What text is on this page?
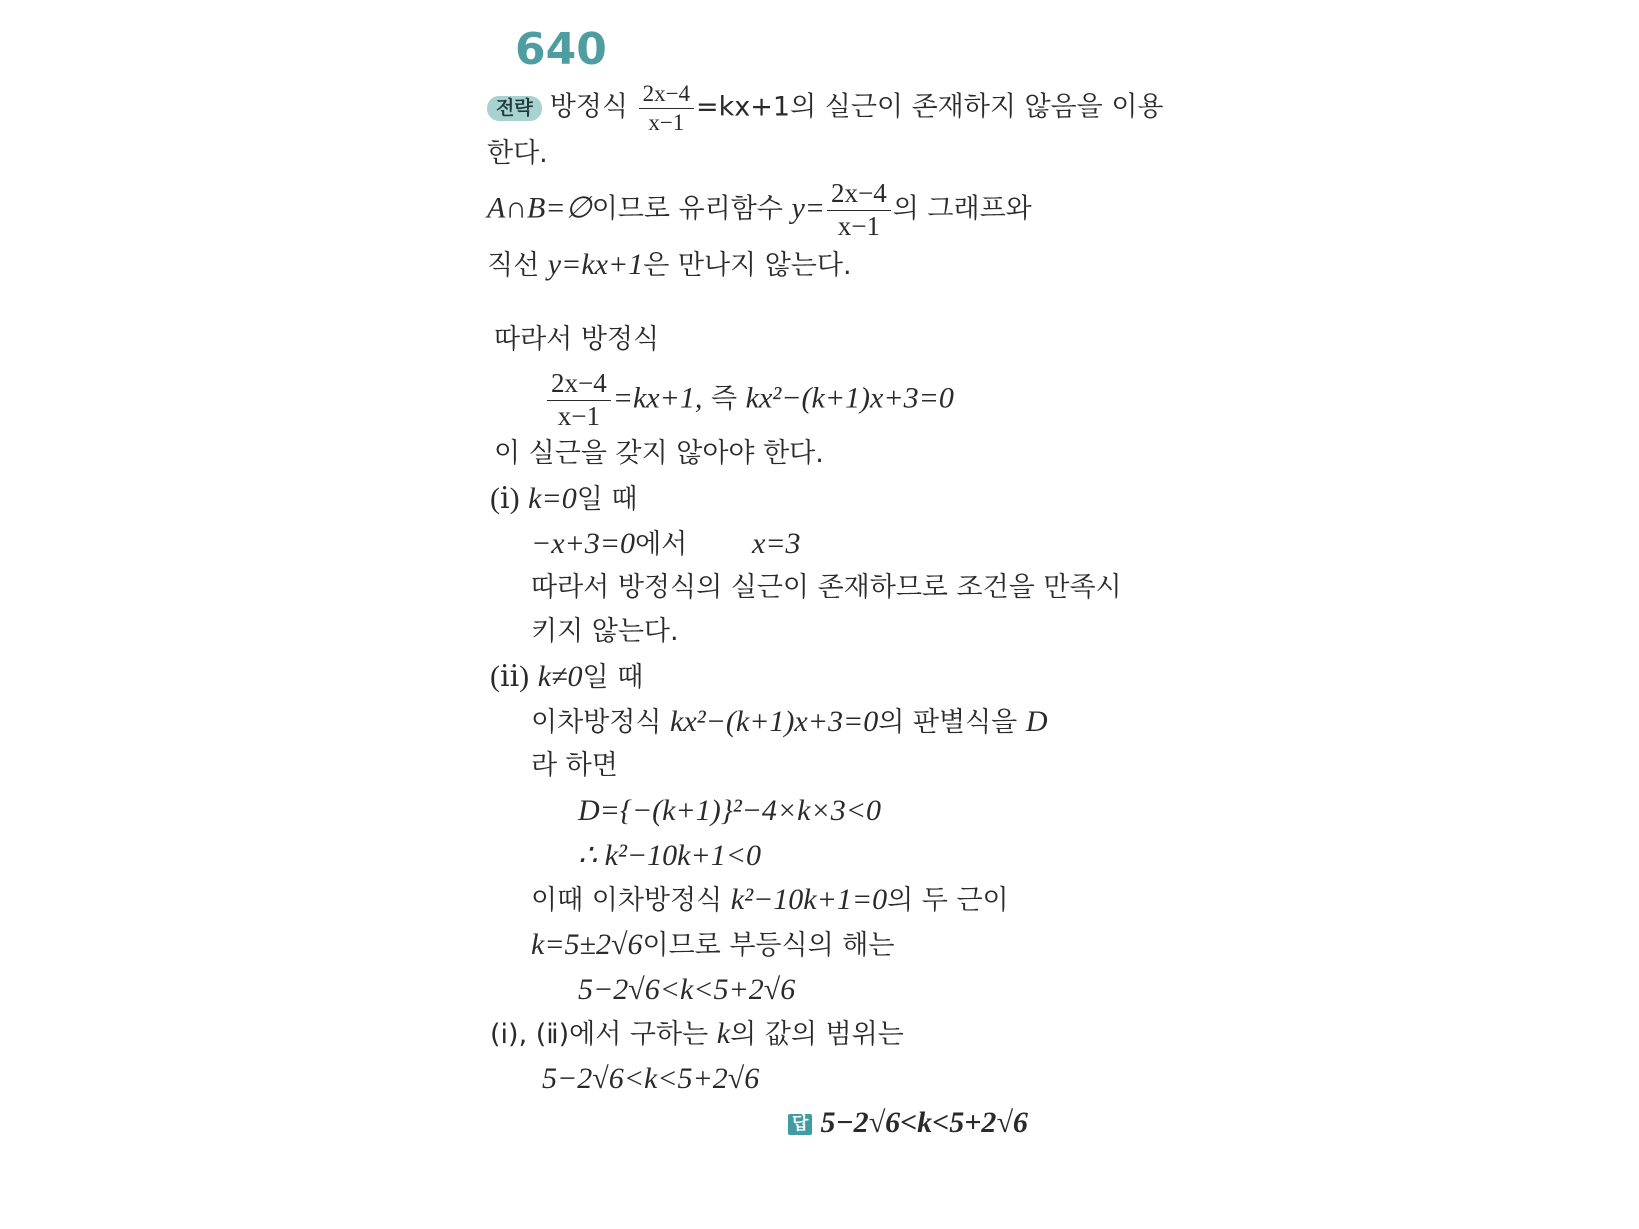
640
전략 방정식 $\frac{2x-4}{x-1} =kx+1$의 실근이 존재하지 않음을 이용
한다.
A∩B=∅이므로 유리함수 $y= \frac{2x-4}{x-1}$ 의 그래프와
직선 y=kx+1은 만나지 않는다.
따라서 방정식
$\frac{2x-4}{x-1} =kx+1$, 즉 kx²−(k+1)x+3=0
이 실근을 갖지 않아야 한다.
(ⅰ) k=0일 때
−x+3=0에서 x=3
따라서 방정식의 실근이 존재하므로 조건을 만족시
키지 않는다.
(ⅱ) k≠0일 때
이차방정식 kx²−(k+1)x+3=0의 판별식을 D
라 하면
D={−(k+1)}²−4×k×3<0
∴ k²−10k+1<0
이때 이차방정식 k²−10k+1=0의 두 근이
k=5±2√6이므로 부등식의 해는
5−2√6<k<5+2√6
(ⅰ), (ⅱ)에서 구하는 k의 값의 범위는
5−2√6<k<5+2√6
답 5−2√6<k<5+2√6
